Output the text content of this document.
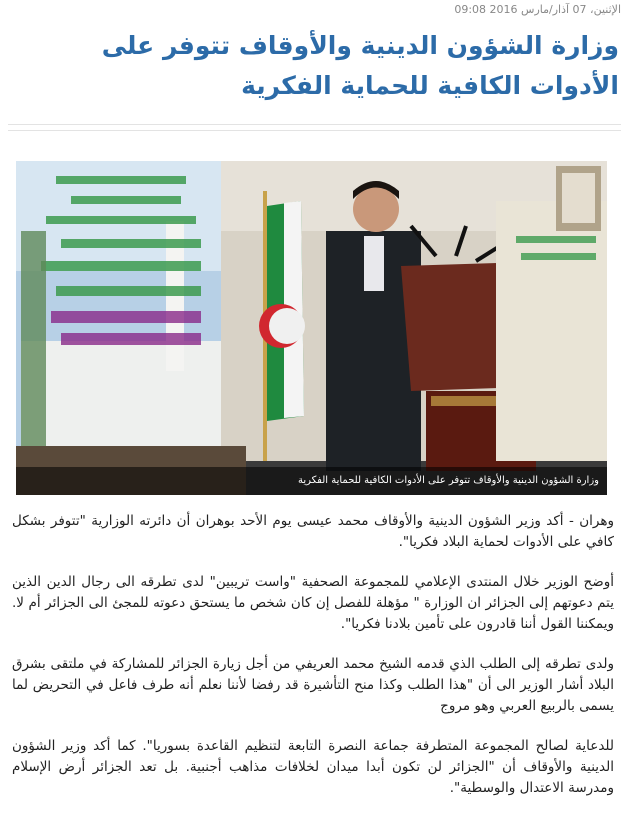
الإثنين، 07 آذار/مارس 2016 09:08
وزارة الشؤون الدينية والأوقاف تتوفر على الأدوات الكافية للحماية الفكرية
وزارة الشؤون الدينية والأوقاف تتوفر على الأدوات الكافية للحماية الفكرية

وهران - أكد وزير الشؤون الدينية والأوقاف محمد عيسى يوم الأحد بوهران أن دائرته الوزارية "تتوفر بشكل كافي على الأدوات لحماية البلاد فكريا".

أوضح الوزير خلال المنتدى الإعلامي للمجموعة الصحفية "واست تريبين" لدى تطرقه الى رجال الدين الذين يتم دعوتهم إلى الجزائر ان الوزارة " مؤهلة للفصل إن كان شخص ما يستحق دعوته للمجئ الى الجزائر أم لا. ويمكننا القول أننا قادرون على تأمين بلادنا فكريا".

ولدى تطرقه إلى الطلب الذي قدمه الشيخ محمد العريفي من أجل زيارة الجزائر للمشاركة في ملتقى بشرق البلاد أشار الوزير الى أن "هذا الطلب وكذا منح التأشيرة قد رفضا لأننا نعلم أنه طرف فاعل في التحريض لما يسمى بالربيع العربي وهو مروج

للدعاية لصالح المجموعة المتطرفة جماعة النصرة التابعة لتنظيم القاعدة بسوريا". كما أكد وزير الشؤون الدينية والأوقاف أن "الجزائر لن تكون أبدا ميدان لخلافات مذاهب أجنبية. بل تعد الجزائر أرض الإسلام ومدرسة الاعتدال والوسطية".
